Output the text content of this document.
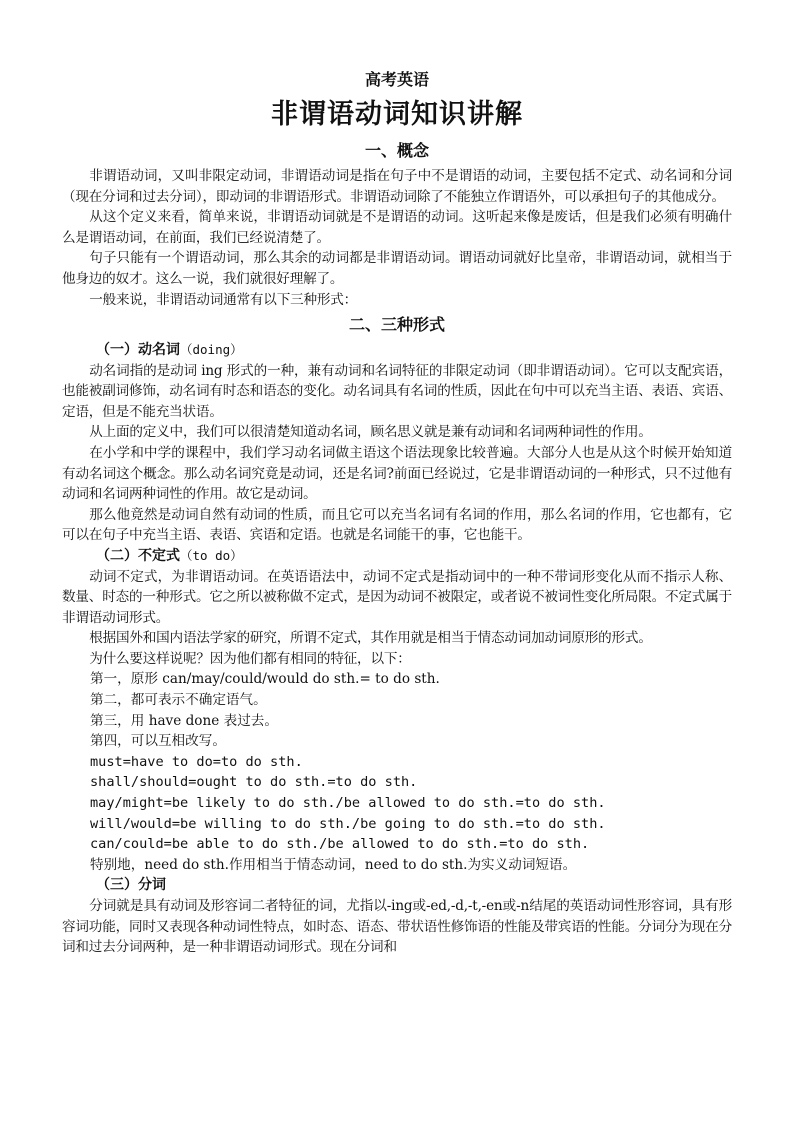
高考英语
非谓语动词知识讲解
一、概念

非谓语动词，又叫非限定动词，非谓语动词是指在句子中不是谓语的动词，主要包括不定式、动名词和分词（现在分词和过去分词），即动词的非谓语形式。非谓语动词除了不能独立作谓语外，可以承担句子的其他成分。

从这个定义来看，简单来说，非谓语动词就是不是谓语的动词。这听起来像是废话，但是我们必须有明确什么是谓语动词，在前面，我们已经说清楚了。

句子只能有一个谓语动词，那么其余的动词都是非谓语动词。谓语动词就好比皇帝，非谓语动词，就相当于他身边的奴才。这么一说，我们就很好理解了。

一般来说，非谓语动词通常有以下三种形式：

二、三种形式
（一）动名词（doing）

动名词指的是动词 ing 形式的一种，兼有动词和名词特征的非限定动词（即非谓语动词）。它可以支配宾语，也能被副词修饰，动名词有时态和语态的变化。动名词具有名词的性质，因此在句中可以充当主语、表语、宾语、定语，但是不能充当状语。

从上面的定义中，我们可以很清楚知道动名词，顾名思义就是兼有动词和名词两种词性的作用。

在小学和中学的课程中，我们学习动名词做主语这个语法现象比较普遍。大部分人也是从这个时候开始知道有动名词这个概念。那么动名词究竟是动词，还是名词?前面已经说过，它是非谓语动词的一种形式，只不过他有动词和名词两种词性的作用。故它是动词。

那么他竟然是动词自然有动词的性质，而且它可以充当名词有名词的作用，那么名词的作用，它也都有，它可以在句子中充当主语、表语、宾语和定语。也就是名词能干的事，它也能干。

（二）不定式（to do）

动词不定式，为非谓语动词。在英语语法中，动词不定式是指动词中的一种不带词形变化从而不指示人称、数量、时态的一种形式。它之所以被称做不定式，是因为动词不被限定，或者说不被词性变化所局限。不定式属于非谓语动词形式。

根据国外和国内语法学家的研究，所谓不定式，其作用就是相当于情态动词加动词原形的形式。

为什么要这样说呢？因为他们都有相同的特征，以下：

第一，原形 can/may/could/would do sth.= to do sth.

第二，都可表示不确定语气。

第三，用 have done 表过去。

第四，可以互相改写。

must=have to do=to do sth.

shall/should=ought to do sth.=to do sth.

may/might=be likely to do sth./be allowed to do sth.=to do sth.

will/would=be willing to do sth./be going to do sth.=to do sth.

can/could=be able to do sth./be allowed to do sth.=to do sth.

特别地，need do sth.作用相当于情态动词，need to do sth.为实义动词短语。

（三）分词

分词就是具有动词及形容词二者特征的词，尤指以-ing或-ed,-d,-t,-en或-n结尾的英语动词性形容词，具有形容词功能，同时又表现各种动词性特点，如时态、语态、带状语性修饰语的性能及带宾语的性能。分词分为现在分词和过去分词两种，是一种非谓语动词形式。现在分词和
